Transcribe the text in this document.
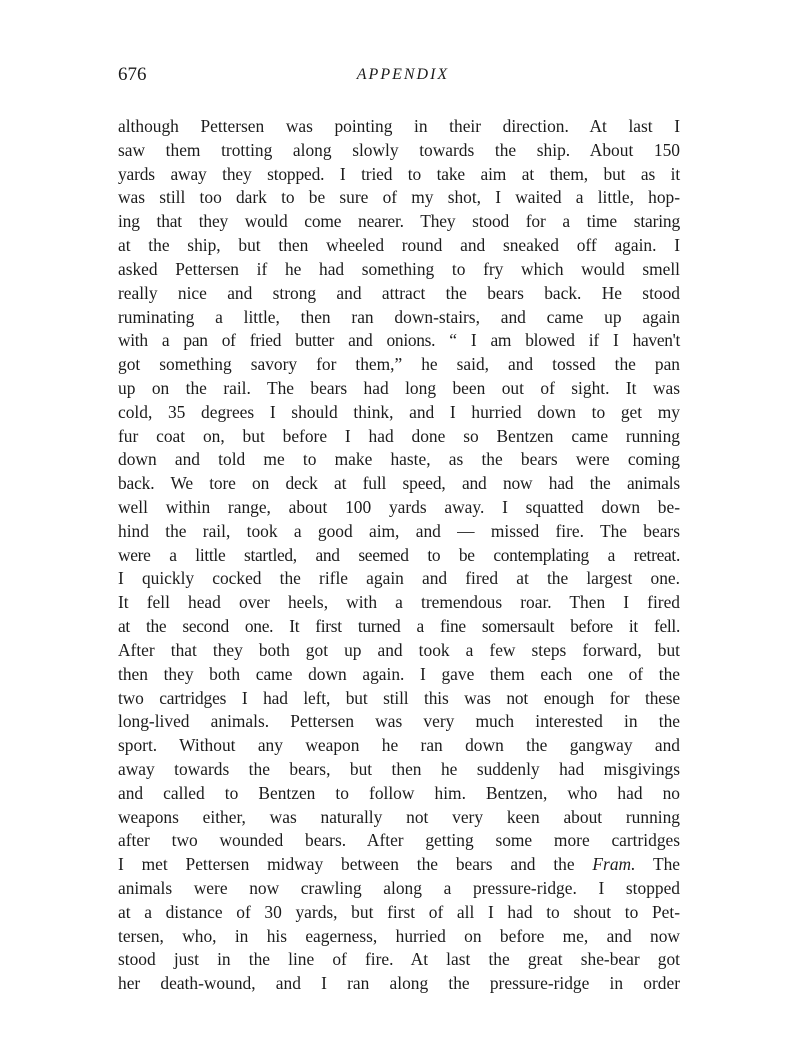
676	APPENDIX
although Pettersen was pointing in their direction. At last I
saw them trotting along slowly towards the ship. About 150
yards away they stopped. I tried to take aim at them, but as it
was still too dark to be sure of my shot, I waited a little, hop-
ing that they would come nearer. They stood for a time staring
at the ship, but then wheeled round and sneaked off again. I
asked Pettersen if he had something to fry which would smell
really nice and strong and attract the bears back. He stood
ruminating a little, then ran down-stairs, and came up again
with a pan of fried butter and onions. “ I am blowed if I haven't
got something savory for them,” he said, and tossed the pan
up on the rail. The bears had long been out of sight. It was
cold, 35 degrees I should think, and I hurried down to get my
fur coat on, but before I had done so Bentzen came running
down and told me to make haste, as the bears were coming
back. We tore on deck at full speed, and now had the animals
well within range, about 100 yards away. I squatted down be-
hind the rail, took a good aim, and — missed fire. The bears
were a little startled, and seemed to be contemplating a retreat.
I quickly cocked the rifle again and fired at the largest one.
It fell head over heels, with a tremendous roar. Then I fired
at the second one. It first turned a fine somersault before it fell.
After that they both got up and took a few steps forward, but
then they both came down again. I gave them each one of the
two cartridges I had left, but still this was not enough for these
long-lived animals. Pettersen was very much interested in the
sport. Without any weapon he ran down the gangway and
away towards the bears, but then he suddenly had misgivings
and called to Bentzen to follow him. Bentzen, who had no
weapons either, was naturally not very keen about running
after two wounded bears. After getting some more cartridges
I met Pettersen midway between the bears and the Fram. The
animals were now crawling along a pressure-ridge. I stopped
at a distance of 30 yards, but first of all I had to shout to Pet-
tersen, who, in his eagerness, hurried on before me, and now
stood just in the line of fire. At last the great she-bear got
her death-wound, and I ran along the pressure-ridge in order
